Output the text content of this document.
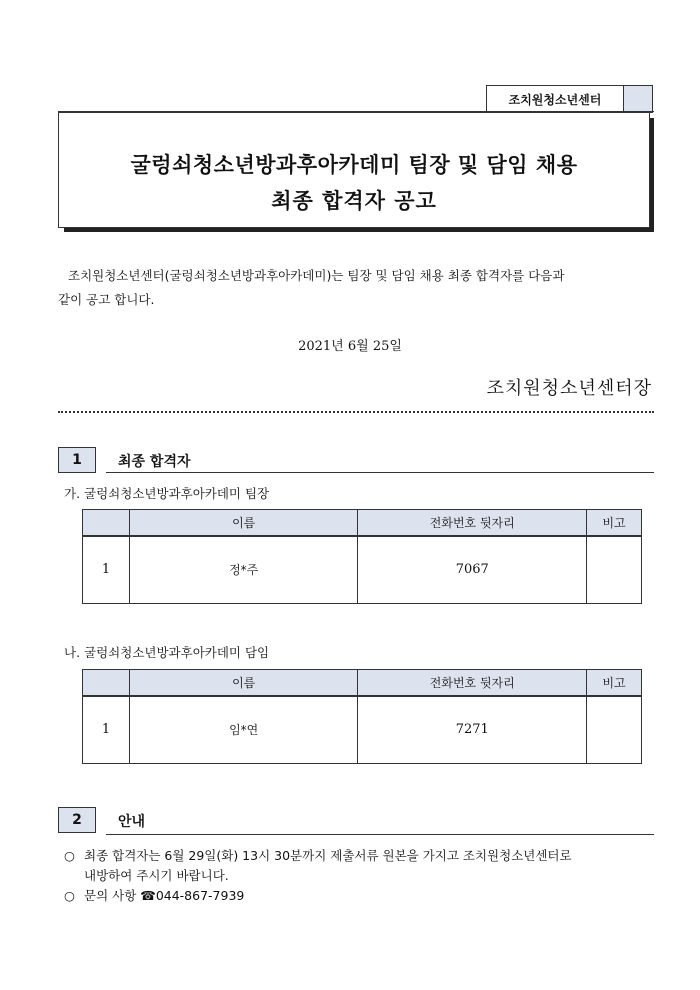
조치원청소년센터
굴렁쇠청소년방과후아카데미 팀장 및 담임 채용
최종 합격자 공고
조치원청소년센터(굴렁쇠청소년방과후아카데미)는 팀장 및 담임 채용 최종 합격자를 다음과
같이 공고 합니다.
2021년 6월 25일
조치원청소년센터장
1	최종 합격자
가. 굴렁쇠청소년방과후아카데미 팀장
	이름	전화번호 뒷자리	비고
1	정*주	7067	
나. 굴렁쇠청소년방과후아카데미 담임
	이름	전화번호 뒷자리	비고
1	임*연	7271	
2	안내
○ 최종 합격자는 6월 29일(화) 13시 30분까지 제출서류 원본을 가지고 조치원청소년센터로
내방하여 주시기 바랍니다.
○ 문의 사항 ☎044-867-7939
